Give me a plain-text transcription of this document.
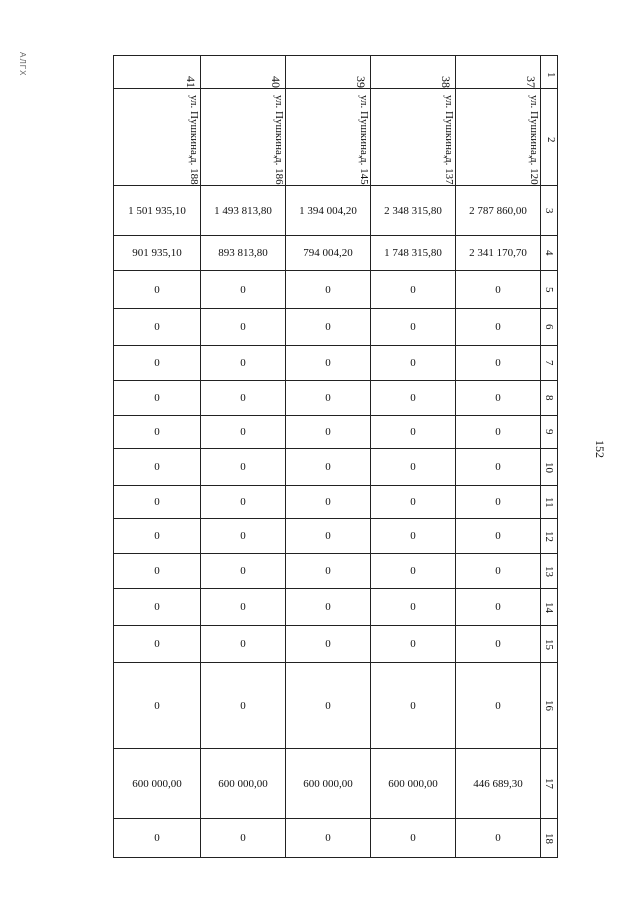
АЛГХ
152
41
ул. Пушкина,
д. 188
1 501 935,10
901 935,10
0
0
0
0
0
0
0
0
0
0
0
0
600 000,00
0
40
ул. Пушкина,
д. 186
1 493 813,80
893 813,80
0
0
0
0
0
0
0
0
0
0
0
0
600 000,00
0
39
ул. Пушкина,
д. 145
1 394 004,20
794 004,20
0
0
0
0
0
0
0
0
0
0
0
0
600 000,00
0
38
ул. Пушкина,
д. 137
2 348 315,80
1 748 315,80
0
0
0
0
0
0
0
0
0
0
0
0
600 000,00
0
37
ул. Пушкина,
д. 120
2 787 860,00
2 341 170,70
0
0
0
0
0
0
0
0
0
0
0
0
446 689,30
0
1
2
3
4
5
6
7
8
9
10
11
12
13
14
15
16
17
18
